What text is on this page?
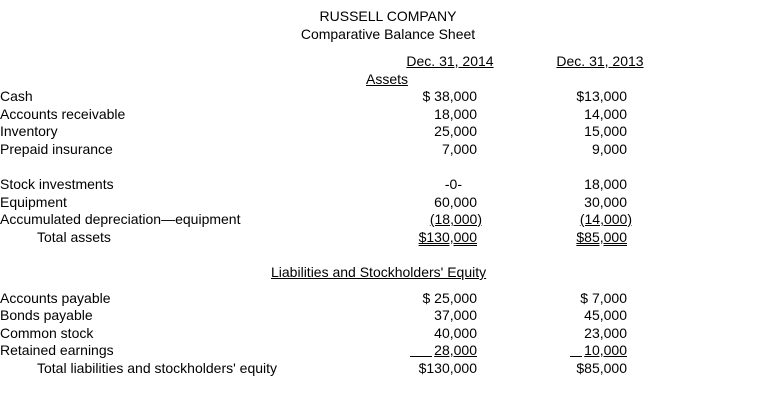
RUSSELL COMPANY
Comparative Balance Sheet
Dec. 31, 2014	Dec. 31, 2013
Assets
Cash	$ 38,000	$13,000
Accounts receivable	18,000	14,000
Inventory	25,000	15,000
Prepaid insurance	7,000	9,000
Stock investments	-0-	18,000
Equipment	60,000	30,000
Accumulated depreciation—equipment	(18,000)	(14,000)
Total assets	$130,000	$85,000
Liabilities and Stockholders' Equity
Accounts payable	$ 25,000	$ 7,000
Bonds payable	37,000	45,000
Common stock	40,000	23,000
Retained earnings	28,000	10,000
Total liabilities and stockholders' equity	$130,000	$85,000
